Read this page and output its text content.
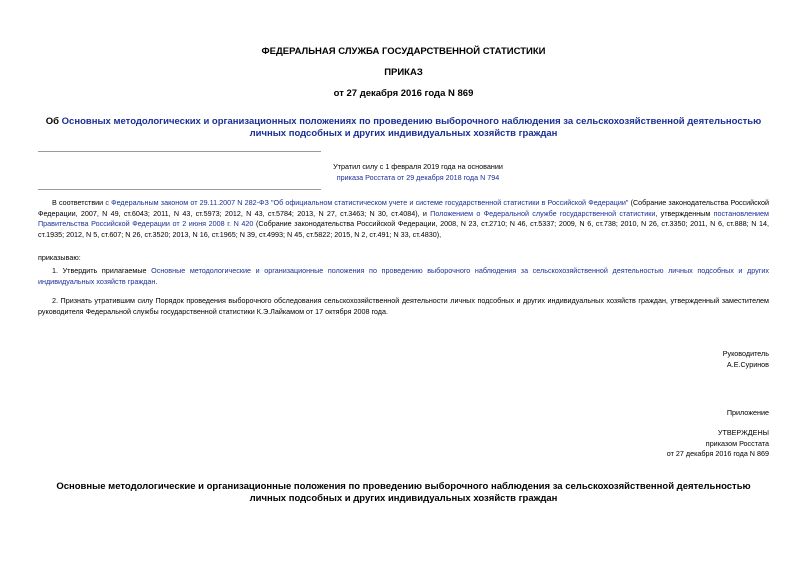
ФЕДЕРАЛЬНАЯ СЛУЖБА ГОСУДАРСТВЕННОЙ СТАТИСТИКИ
ПРИКАЗ
от 27 декабря 2016 года N 869
Об Основных методологических и организационных положениях по проведению выборочного наблюдения за сельскохозяйственной деятельностью личных подсобных и других индивидуальных хозяйств граждан
Утратил силу с 1 февраля 2019 года на основании
приказа Росстата от 29 декабря 2018 года N 794
В соответствии с Федеральным законом от 29.11.2007 N 282-ФЗ "Об официальном статистическом учете и системе государственной статистики в Российской Федерации" (Собрание законодательства Российской Федерации, 2007, N 49, ст.6043; 2011, N 43, ст.5973; 2012, N 43, ст.5784; 2013, N 27, ст.3463; N 30, ст.4084), и Положением о Федеральной службе государственной статистики, утвержденным постановлением Правительства Российской Федерации от 2 июня 2008 г. N 420 (Собрание законодательства Российской Федерации, 2008, N 23, ст.2710; N 46, ст.5337; 2009, N 6, ст.738; 2010, N 26, ст.3350; 2011, N 6, ст.888; N 14, ст.1935; 2012, N 5, ст.607; N 26, ст.3520; 2013, N 16, ст.1965; N 39, ст.4993; N 45, ст.5822; 2015, N 2, ст.491; N 33, ст.4830),
приказываю:
1. Утвердить прилагаемые Основные методологические и организационные положения по проведению выборочного наблюдения за сельскохозяйственной деятельностью личных подсобных и других индивидуальных хозяйств граждан.
2. Признать утратившим силу Порядок проведения выборочного обследования сельскохозяйственной деятельности личных подсобных и других индивидуальных хозяйств граждан, утвержденный заместителем руководителя Федеральной службы государственной статистики К.Э.Лайкамом от 17 октября 2008 года.
Руководитель
А.Е.Суринов
Приложение
УТВЕРЖДЕНЫ
приказом Росстата
от 27 декабря 2016 года N 869
Основные методологические и организационные положения по проведению выборочного наблюдения за сельскохозяйственной деятельностью личных подсобных и других индивидуальных хозяйств граждан
